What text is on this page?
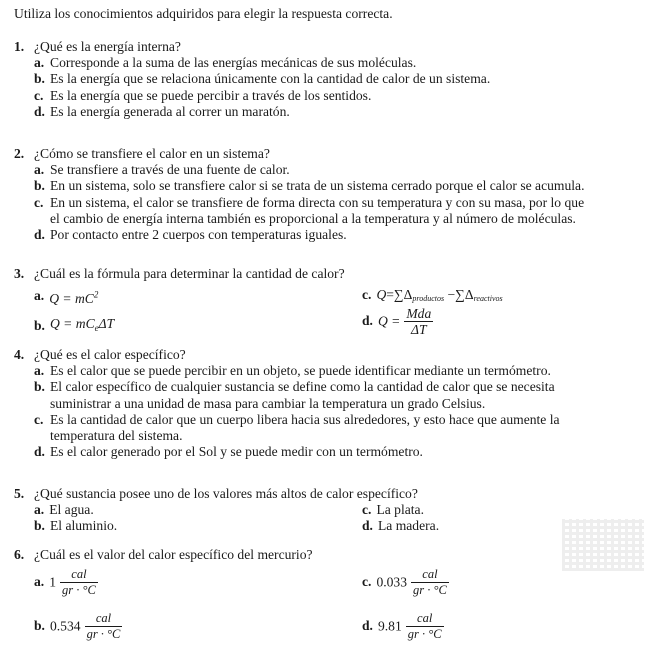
Utiliza los conocimientos adquiridos para elegir la respuesta correcta.
1. ¿Qué es la energía interna?
a. Corresponde a la suma de las energías mecánicas de sus moléculas.
b. Es la energía que se relaciona únicamente con la cantidad de calor de un sistema.
c. Es la energía que se puede percibir a través de los sentidos.
d. Es la energía generada al correr un maratón.
2. ¿Cómo se transfiere el calor en un sistema?
a. Se transfiere a través de una fuente de calor.
b. En un sistema, solo se transfiere calor si se trata de un sistema cerrado porque el calor se acumula.
c. En un sistema, el calor se transfiere de forma directa con su temperatura y con su masa, por lo que
el cambio de energía interna también es proporcional a la temperatura y al número de moléculas.
d. Por contacto entre 2 cuerpos con temperaturas iguales.
3. ¿Cuál es la fórmula para determinar la cantidad de calor?
a. $Q = mC^2$	c. $Q=\sum\Delta_{productos} -\sum\Delta_{reactivos}$
b. $Q = mC_e\Delta T$	d. $Q = \frac{\text{Mda}}{\Delta T}$
4. ¿Qué es el calor específico?
a. Es el calor que se puede percibir en un objeto, se puede identificar mediante un termómetro.
b. El calor específico de cualquier sustancia se define como la cantidad de calor que se necesita
suministrar a una unidad de masa para cambiar la temperatura un grado Celsius.
c. Es la cantidad de calor que un cuerpo libera hacia sus alrededores, y esto hace que aumente la
temperatura del sistema.
d. Es el calor generado por el Sol y se puede medir con un termómetro.
5. ¿Qué sustancia posee uno de los valores más altos de calor específico?
a. El agua.	c. La plata.
b. El aluminio.	d. La madera.
6. ¿Cuál es el valor del calor específico del mercurio?
a. $1 \frac{\text{cal}}{gr \cdot ^\circ C}$	c. $0.033 \frac{\text{cal}}{gr \cdot ^\circ C}$
b. $0.534 \frac{\text{cal}}{gr \cdot ^\circ C}$	d. $9.81 \frac{\text{cal}}{gr \cdot ^\circ C}$
